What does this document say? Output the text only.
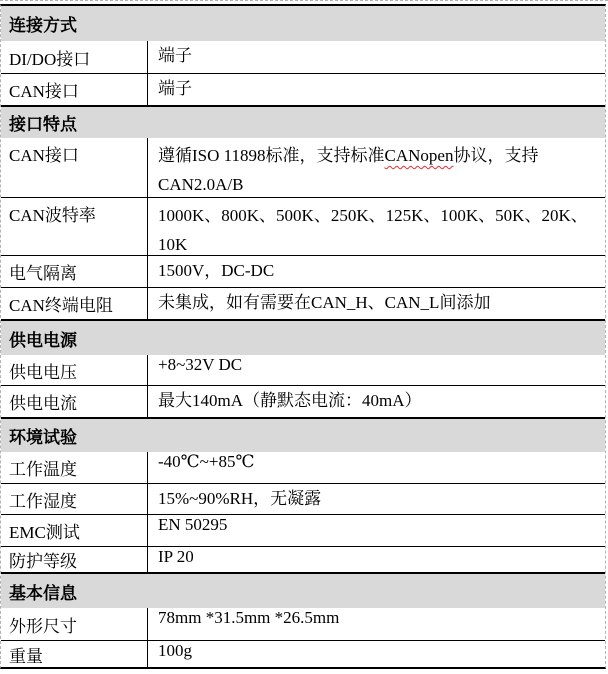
连接方式
DI/DO接口	端子
CAN接口	端子
接口特点
CAN接口	遵循ISO 11898标准，支持标准CANopen协议，支持CAN2.0A/B
CAN波特率	1000K、800K、500K、250K、125K、100K、50K、20K、10K
电气隔离	1500V，DC-DC
CAN终端电阻	未集成，如有需要在CAN_H、CAN_L间添加
供电电源
供电电压	+8~32V DC
供电电流	最大140mA（静默态电流：40mA）
环境试验
工作温度	-40℃~+85℃
工作湿度	15%~90%RH，无凝露
EMC测试	EN 50295
防护等级	IP 20
基本信息
外形尺寸	78mm *31.5mm *26.5mm
重量	100g
